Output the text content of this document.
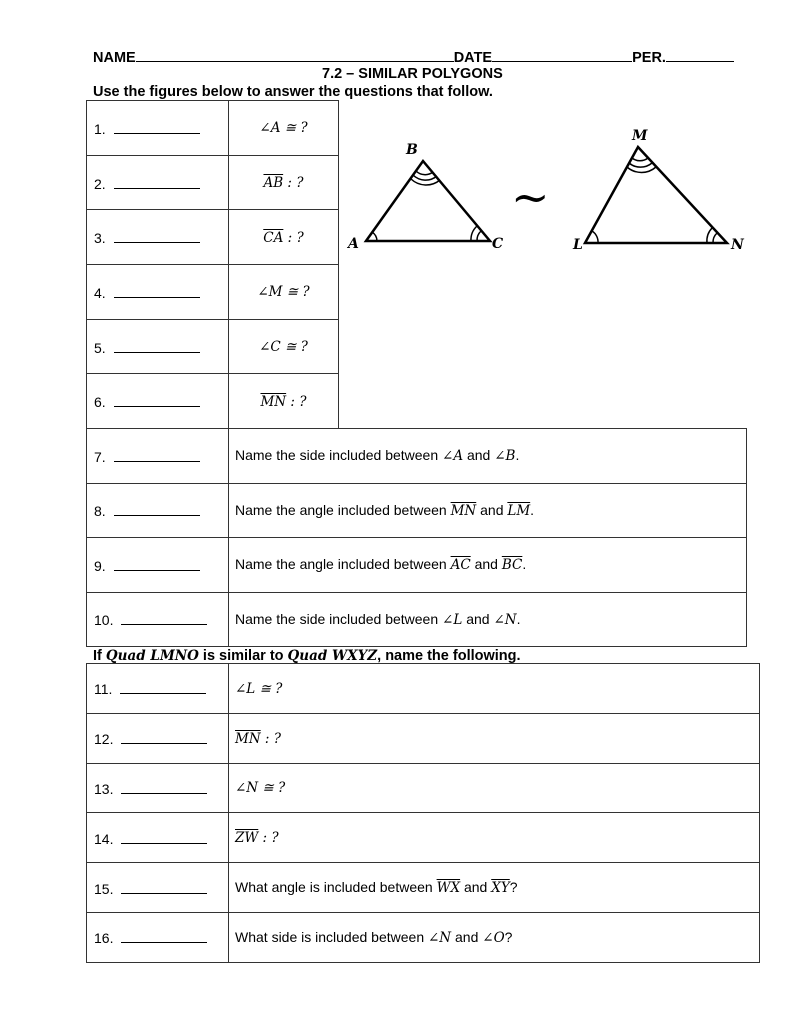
NAME	DATE	PER.
7.2 – SIMILAR POLYGONS
Use the figures below to answer the questions that follow.
1.	∠A ≅ ?
2.	$\overline{AB}$ : ?
3.	$\overline{CA}$ : ?
4.	∠M ≅ ?
5.	∠C ≅ ?
6.	$\overline{MN}$ : ?
A
B
C
~
L
M
N
7.	Name the side included between ∠A and ∠B.
8.	Name the angle included between $\overline{MN}$ and $\overline{LM}$.
9.	Name the angle included between $\overline{AC}$ and $\overline{BC}$.
10.	Name the side included between ∠L and ∠N.
If Quad LMNO is similar to Quad WXYZ, name the following.
11.	∠L ≅ ?
12.	$\overline{MN}$ : ?
13.	∠N ≅ ?
14.	$\overline{ZW}$ : ?
15.	What angle is included between $\overline{WX}$ and $\overline{XY}$?
16.	What side is included between ∠N and ∠O?
